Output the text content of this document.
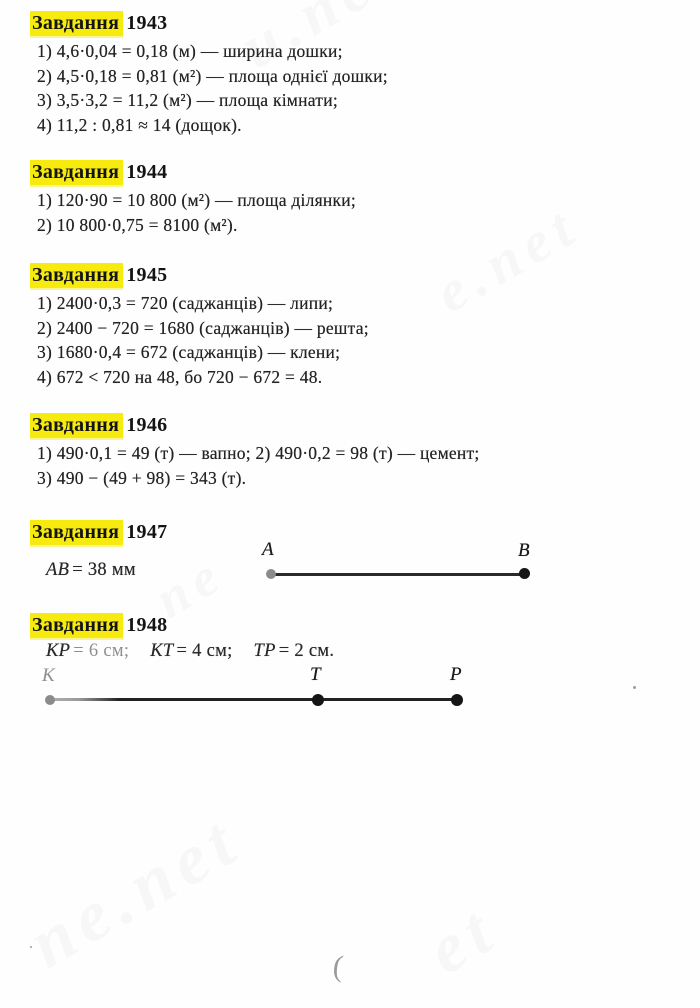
Завдання 1943
1) 4,6·0,04 = 0,18 (м) — ширина дошки;
2) 4,5·0,18 = 0,81 (м²) — площа однієї дошки;
3) 3,5·3,2 = 11,2 (м²) — площа кімнати;
4) 11,2 : 0,81 ≈ 14 (дощок).
Завдання 1944
1) 120·90 = 10 800 (м²) — площа ділянки;
2) 10 800·0,75 = 8100 (м²).
Завдання 1945
1) 2400·0,3 = 720 (саджанців) — липи;
2) 2400 − 720 = 1680 (саджанців) — решта;
3) 1680·0,4 = 672 (саджанців) — клени;
4) 672 < 720 на 48, бо 720 − 672 = 48.
Завдання 1946
1) 490·0,1 = 49 (т) — вапно; 2) 490·0,2 = 98 (т) — цемент;
3) 490 − (49 + 98) = 343 (т).
Завдання 1947
AB = 38 мм
A	B
Завдання 1948
KP = 6 см; KT = 4 см; TP = 2 см.
K	T	P
(
